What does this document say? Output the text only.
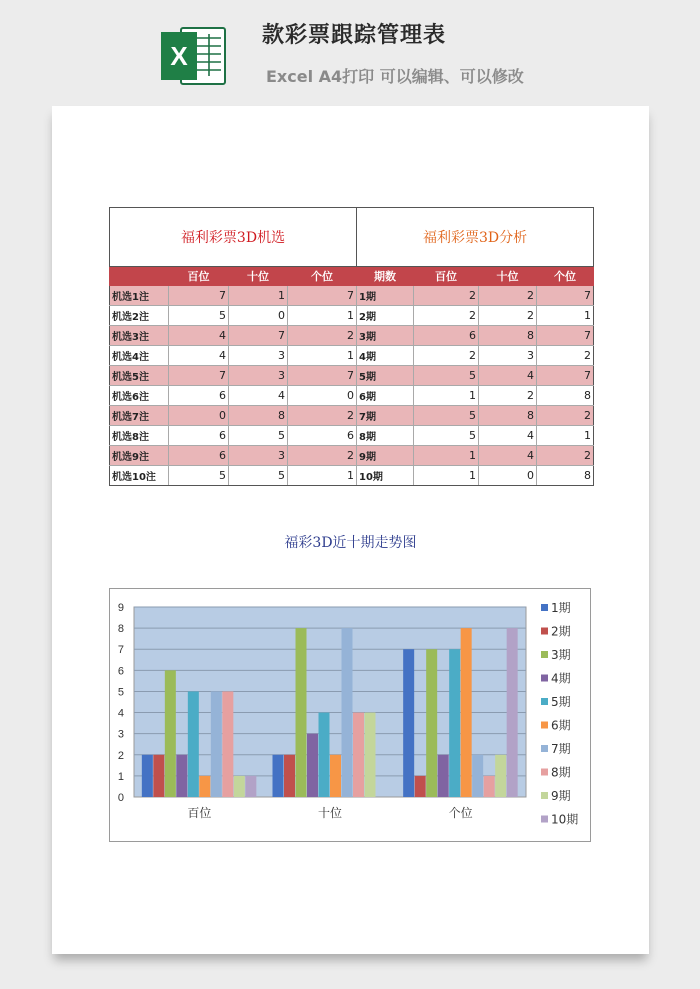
X
款彩票跟踪管理表
Excel A4打印 可以编辑、可以修改
福利彩票3D机选				福利彩票3D分析			
	百位	十位	个位	期数	百位	十位	个位
机选1注	7	1	7	1期	2	2	7
机选2注	5	0	1	2期	2	2	1
机选3注	4	7	2	3期	6	8	7
机选4注	4	3	1	4期	2	3	2
机选5注	7	3	7	5期	5	4	7
机选6注	6	4	0	6期	1	2	8
机选7注	0	8	2	7期	5	8	2
机选8注	6	5	6	8期	5	4	1
机选9注	6	3	2	9期	1	4	2
机选10注	5	5	1	10期	1	0	8
福彩3D近十期走势图
0
1
2
3
4
5
6
7
8
9
百位	十位	个位
1期
2期
3期
4期
5期
6期
7期
8期
9期
10期
